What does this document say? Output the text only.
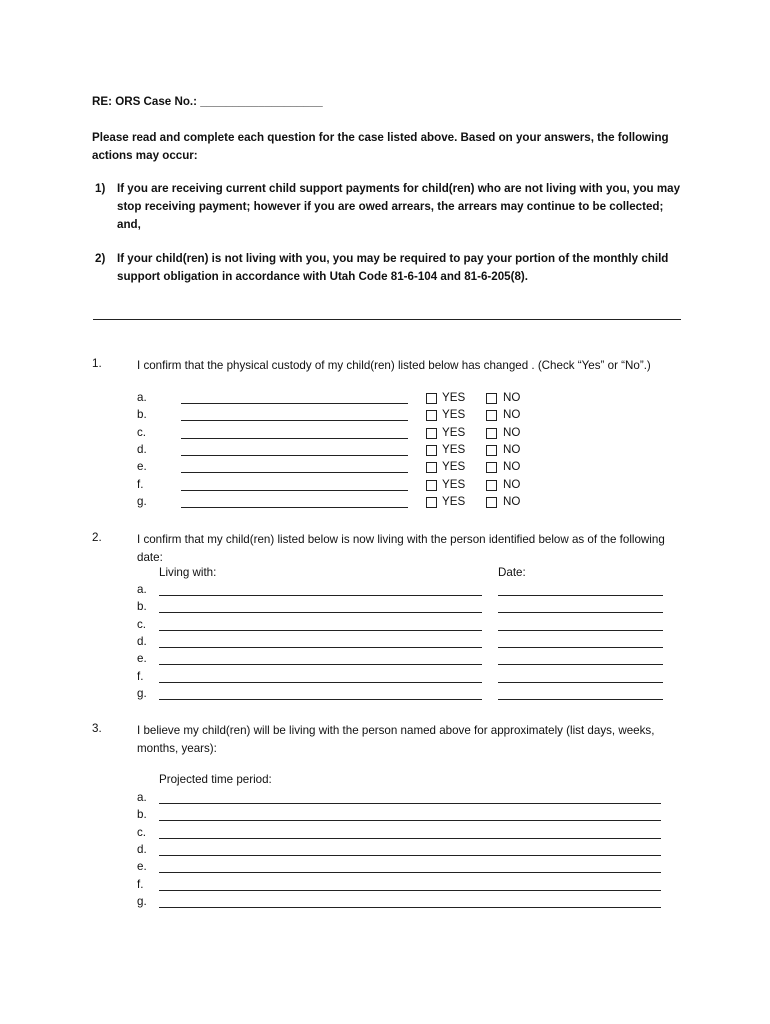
RE: ORS Case No.: ___________________
Please read and complete each question for the case listed above. Based on your answers, the following actions may occur:
1) If you are receiving current child support payments for child(ren) who are not living with you, you may stop receiving payment; however if you are owed arrears, the arrears may continue to be collected; and,
2) If your child(ren) is not living with you, you may be required to pay your portion of the monthly child support obligation in accordance with Utah Code 81-6-104 and 81-6-205(8).
1.	I confirm that the physical custody of my child(ren) listed below has changed . (Check “Yes” or “No”.)
a.	YES	NO
b.	YES	NO
c.	YES	NO
d.	YES	NO
e.	YES	NO
f.	YES	NO
g.	YES	NO
2.	I confirm that my child(ren) listed below is now living with the person identified below as of the following date:
Living with:	Date:
a.
b.
c.
d.
e.
f.
g.
3.	I believe my child(ren) will be living with the person named above for approximately (list days, weeks, months, years):
Projected time period:
a.
b.
c.
d.
e.
f.
g.
